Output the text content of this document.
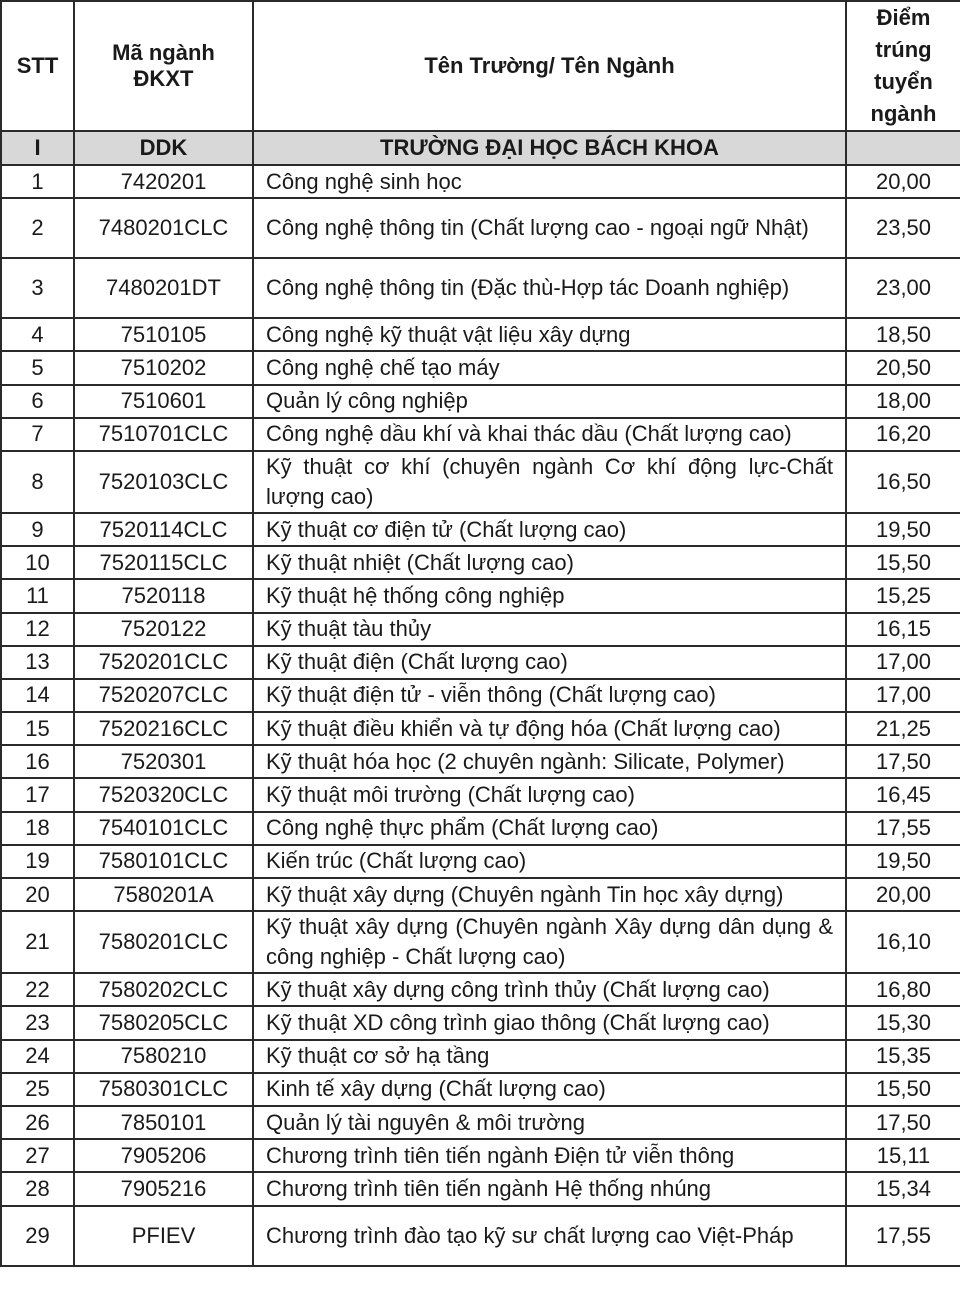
STT	Mã ngành ĐKXT	Tên Trường/ Tên Ngành	Điểm trúng tuyển ngành	
I	DDK	TRƯỜNG ĐẠI HỌC BÁCH KHOA		
1	7420201	Công nghệ sinh học	20,00	
2	7480201CLC	Công nghệ thông tin (Chất lượng cao - ngoại ngữ Nhật)	23,50	
3	7480201DT	Công nghệ thông tin (Đặc thù-Hợp tác Doanh nghiệp)	23,00	
4	7510105	Công nghệ kỹ thuật vật liệu xây dựng	18,50	
5	7510202	Công nghệ chế tạo máy	20,50	
6	7510601	Quản lý công nghiệp	18,00	
7	7510701CLC	Công nghệ dầu khí và khai thác dầu (Chất lượng cao)	16,20	
8	7520103CLC	Kỹ thuật cơ khí (chuyên ngành Cơ khí động lực-Chất lượng cao)	16,50	
9	7520114CLC	Kỹ thuật cơ điện tử (Chất lượng cao)	19,50	
10	7520115CLC	Kỹ thuật nhiệt (Chất lượng cao)	15,50	
11	7520118	Kỹ thuật hệ thống công nghiệp	15,25	
12	7520122	Kỹ thuật tàu thủy	16,15	
13	7520201CLC	Kỹ thuật điện (Chất lượng cao)	17,00	
14	7520207CLC	Kỹ thuật điện tử - viễn thông (Chất lượng cao)	17,00	
15	7520216CLC	Kỹ thuật điều khiển và tự động hóa (Chất lượng cao)	21,25	
16	7520301	Kỹ thuật hóa học (2 chuyên ngành: Silicate, Polymer)	17,50	
17	7520320CLC	Kỹ thuật môi trường (Chất lượng cao)	16,45	
18	7540101CLC	Công nghệ thực phẩm (Chất lượng cao)	17,55	
19	7580101CLC	Kiến trúc (Chất lượng cao)	19,50	
20	7580201A	Kỹ thuật xây dựng (Chuyên ngành Tin học xây dựng)	20,00	
21	7580201CLC	Kỹ thuật xây dựng (Chuyên ngành Xây dựng dân dụng & công nghiệp - Chất lượng cao)	16,10	
22	7580202CLC	Kỹ thuật xây dựng công trình thủy (Chất lượng cao)	16,80	
23	7580205CLC	Kỹ thuật XD công trình giao thông (Chất lượng cao)	15,30	
24	7580210	Kỹ thuật cơ sở hạ tầng	15,35	
25	7580301CLC	Kinh tế xây dựng (Chất lượng cao)	15,50	
26	7850101	Quản lý tài nguyên & môi trường	17,50	
27	7905206	Chương trình tiên tiến ngành Điện tử viễn thông	15,11	
28	7905216	Chương trình tiên tiến ngành Hệ thống nhúng	15,34	
29	PFIEV	Chương trình đào tạo kỹ sư chất lượng cao Việt-Pháp	17,55	
